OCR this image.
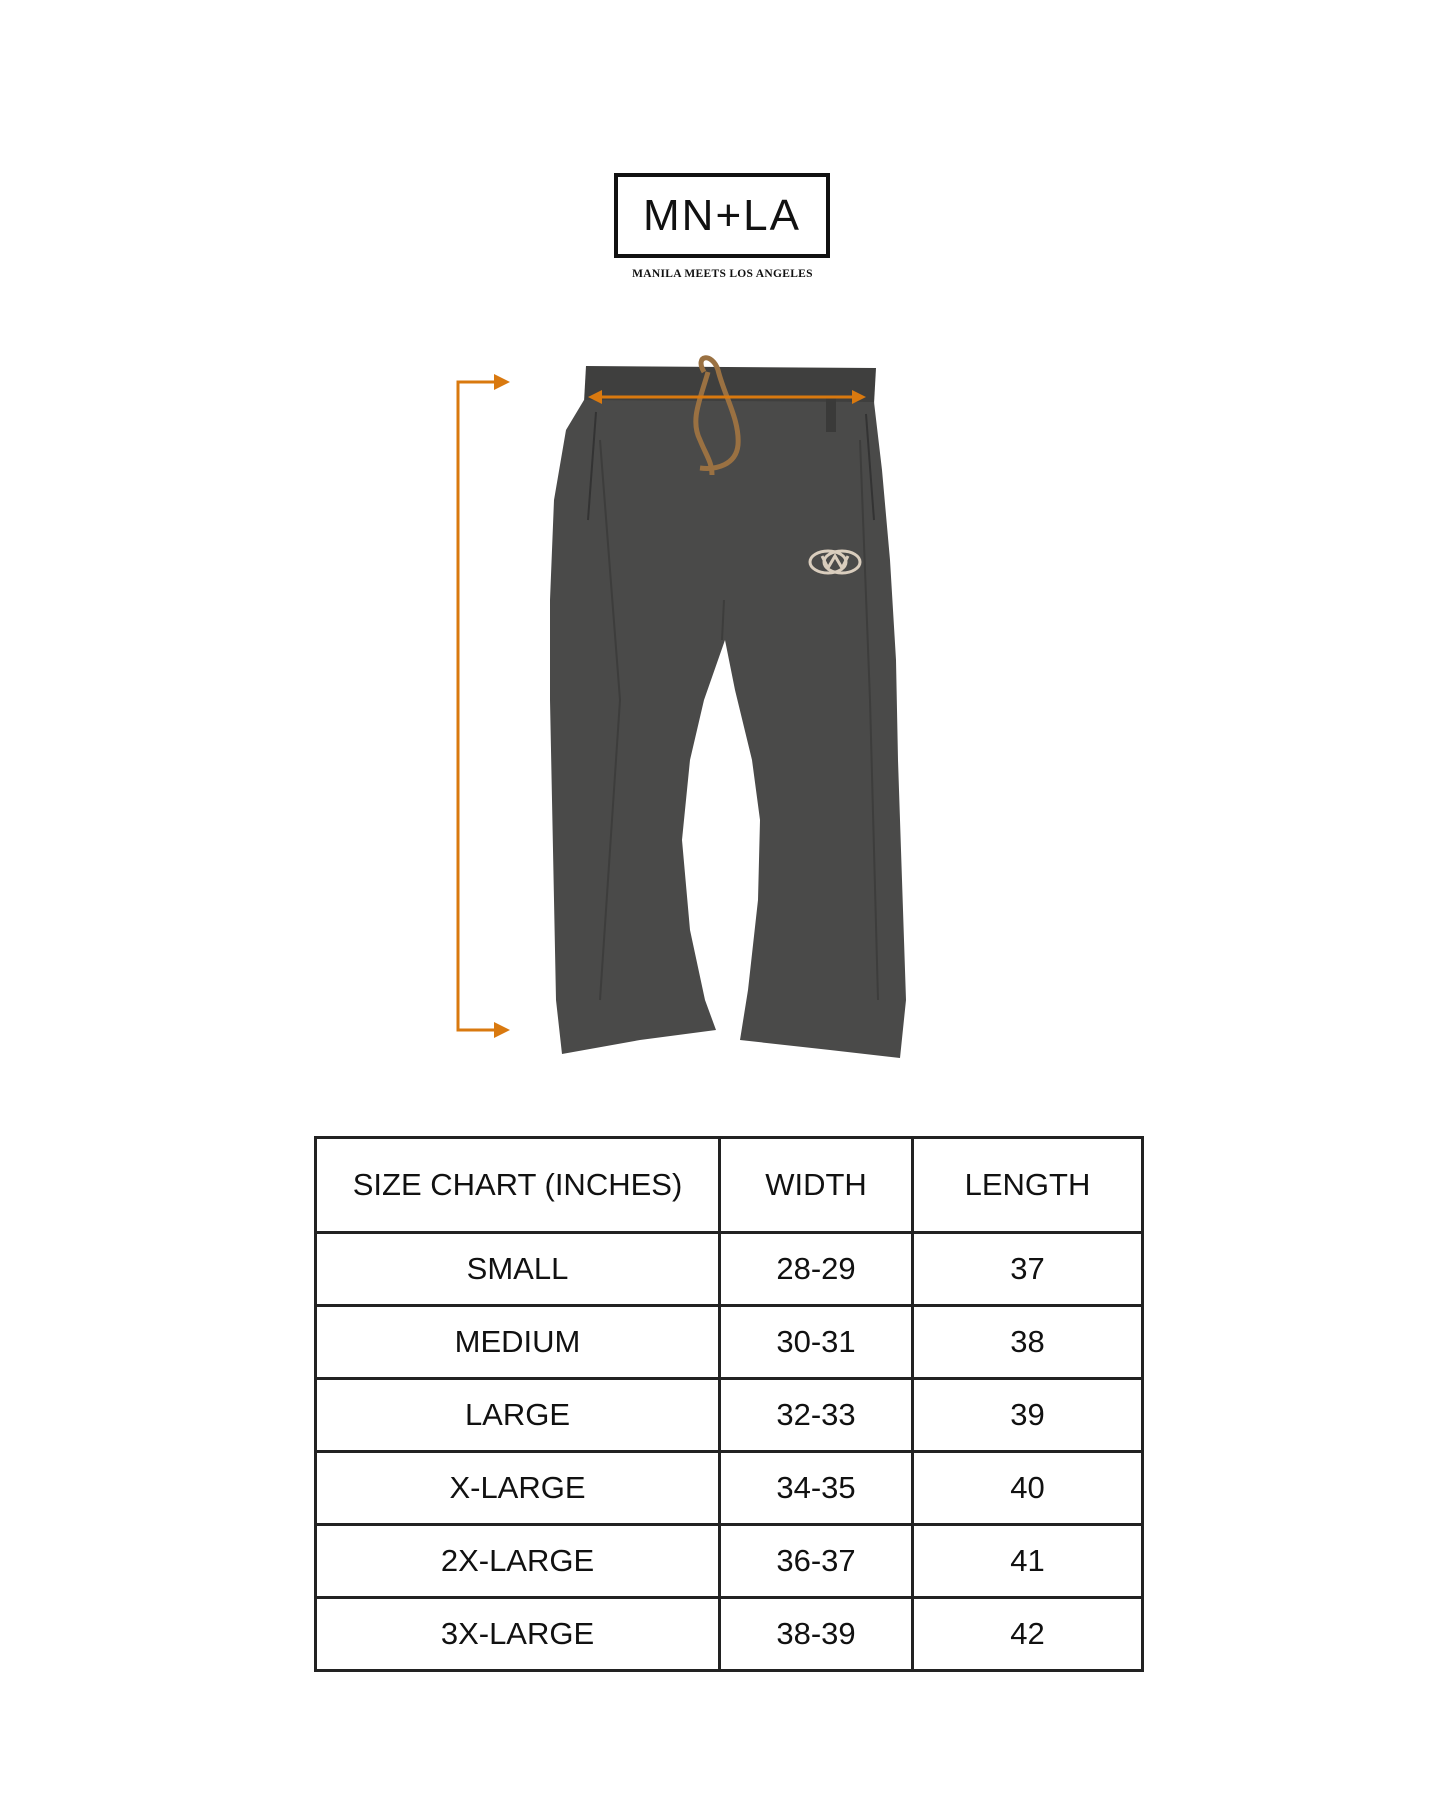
MN+LA
MANILA MEETS LOS ANGELES
SIZE CHART (INCHES)	WIDTH	LENGTH
SMALL	28-29	37
MEDIUM	30-31	38
LARGE	32-33	39
X-LARGE	34-35	40
2X-LARGE	36-37	41
3X-LARGE	38-39	42
